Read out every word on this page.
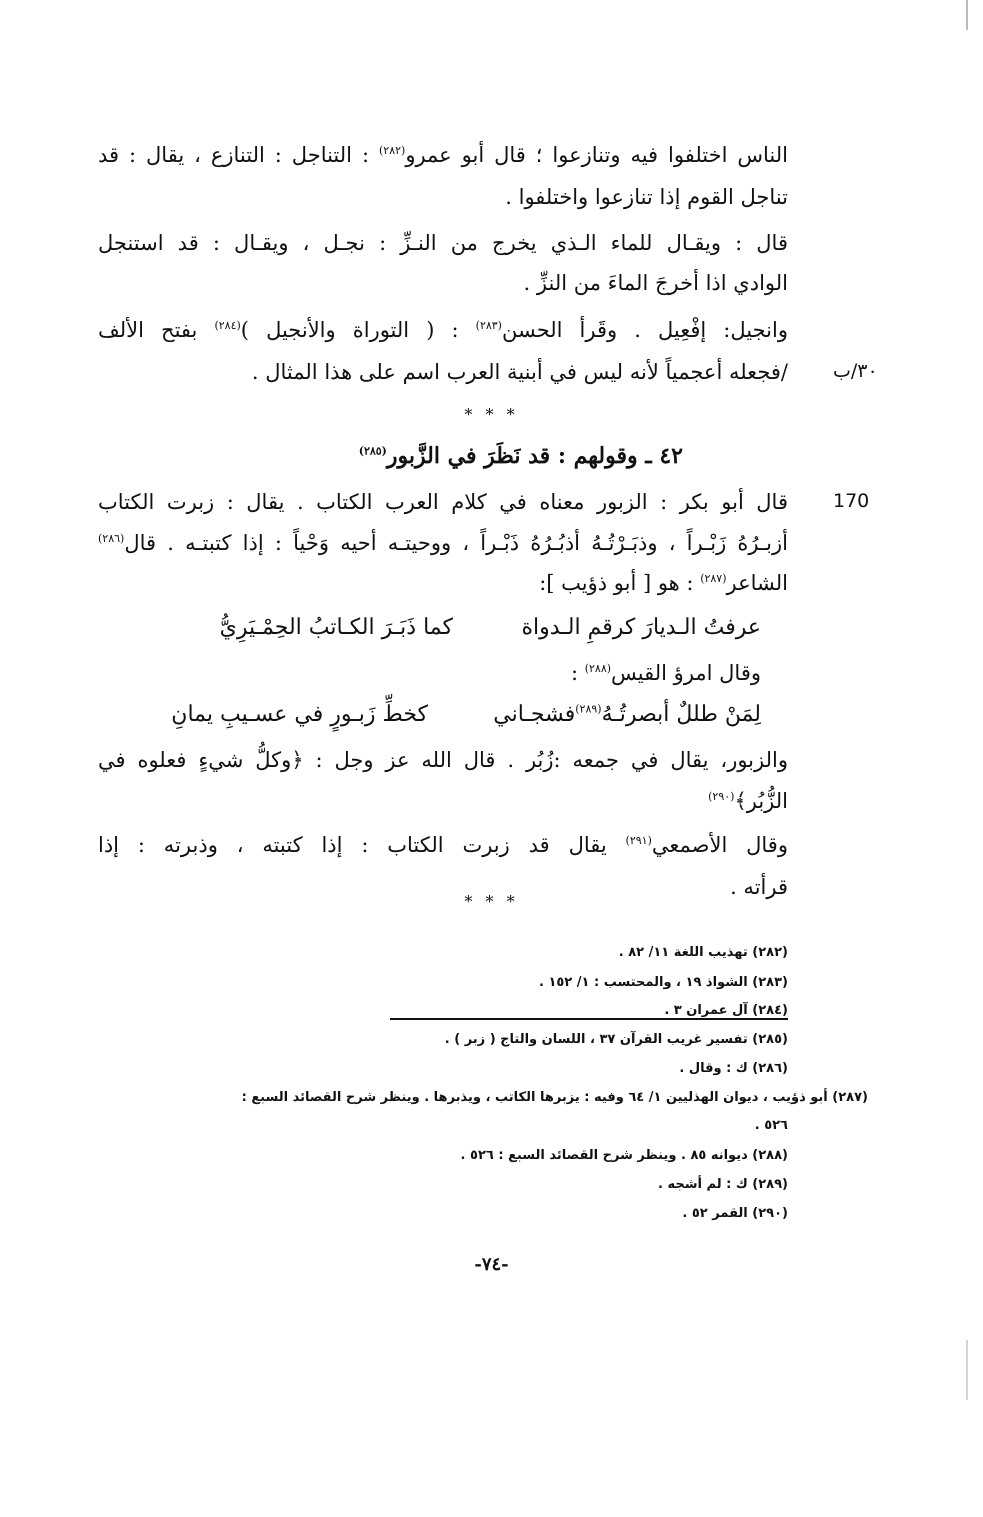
الناس اختلفوا فيه وتنازعوا ؛ قال أبو عمرو$^{(٢٨٢)}$ : التناجل : التنازع ، يقال : قد
تناجل القوم إذا تنازعوا واختلفوا .
قال : ويقـال للماء الـذي يخرج من النـزِّ : نجـل ، ويقـال : قد استنجل
الوادي اذا أخرجَ الماءَ من النزِّ .
وانجيل: إفْعِيل . وقَرأ الحسن$^{(٢٨٣)}$ : ( التوراة والأنجيل )$^{(٢٨٤)}$ بفتح الألف
/فجعله أعجمياً لأنه ليس في أبنية العرب اسم على هذا المثال . ٣٠/ب
* * *
٤٢ ـ وقولهم : قد نَظَرَ في الزَّبور$^{(٢٨٥)}$
170
قال أبو بكر : الزبور معناه في كلام العرب الكتاب . يقال : زبرت الكتاب
أزبـرُهُ زَبْـراً ، وذبَـرْتُـهُ أذبُـرُهُ ذَبْـراً ، ووحيتـه أحيه وَحْياً : إذا كتبتـه . قال$^{(٢٨٦)}$
الشاعر$^{(٢٨٧)}$ : هو [ أبو ذؤيب ]:
عرفتُ الـديارَ كرقمِ الـدواة
كما ذَبَـرَ الكـاتبُ الحِمْـيَرِيُّ
وقال امرؤ القيس$^{(٢٨٨)}$ :
لِمَنْ طللٌ أبصرتُـهُ$^{(٢٨٩)}$فشجـاني
كخطِّ زَبـورٍ في عسـيبِ يمانِ
والزبور، يقال في جمعه :زُبُر . قال الله عز وجل : ﴿وكلُّ شيءٍ فعلوه في
الزُّبُر﴾$^{(٢٩٠)}$
وقال الأصمعي$^{(٢٩١)}$ يقال قد زبرت الكتاب : إذا كتبته ، وذبرته : إذا
قرأته .
* * *
(٢٨٢) تهذيب اللغة ١١/ ٨٢ .
(٢٨٣) الشواذ ١٩ ، والمحتسب : ١/ ١٥٢ .
(٢٨٤) آل عمران ٣ .
(٢٨٥) تفسير غريب القرآن ٣٧ ، اللسان والتاج ( زبر ) .
(٢٨٦) ك : وقال .
(٢٨٧) أبو ذؤيب ، ديوان الهذليين ١/ ٦٤ وفيه : يزبرها الكاتب ، ويذبرها . وينظر شرح القصائد السبع :
٥٢٦ .
(٢٨٨) ديوانه ٨٥ . وينظر شرح القصائد السبع : ٥٢٦ .
(٢٨٩) ك : لم أشجه .
(٢٩٠) القمر ٥٢ .
-٧٤-
